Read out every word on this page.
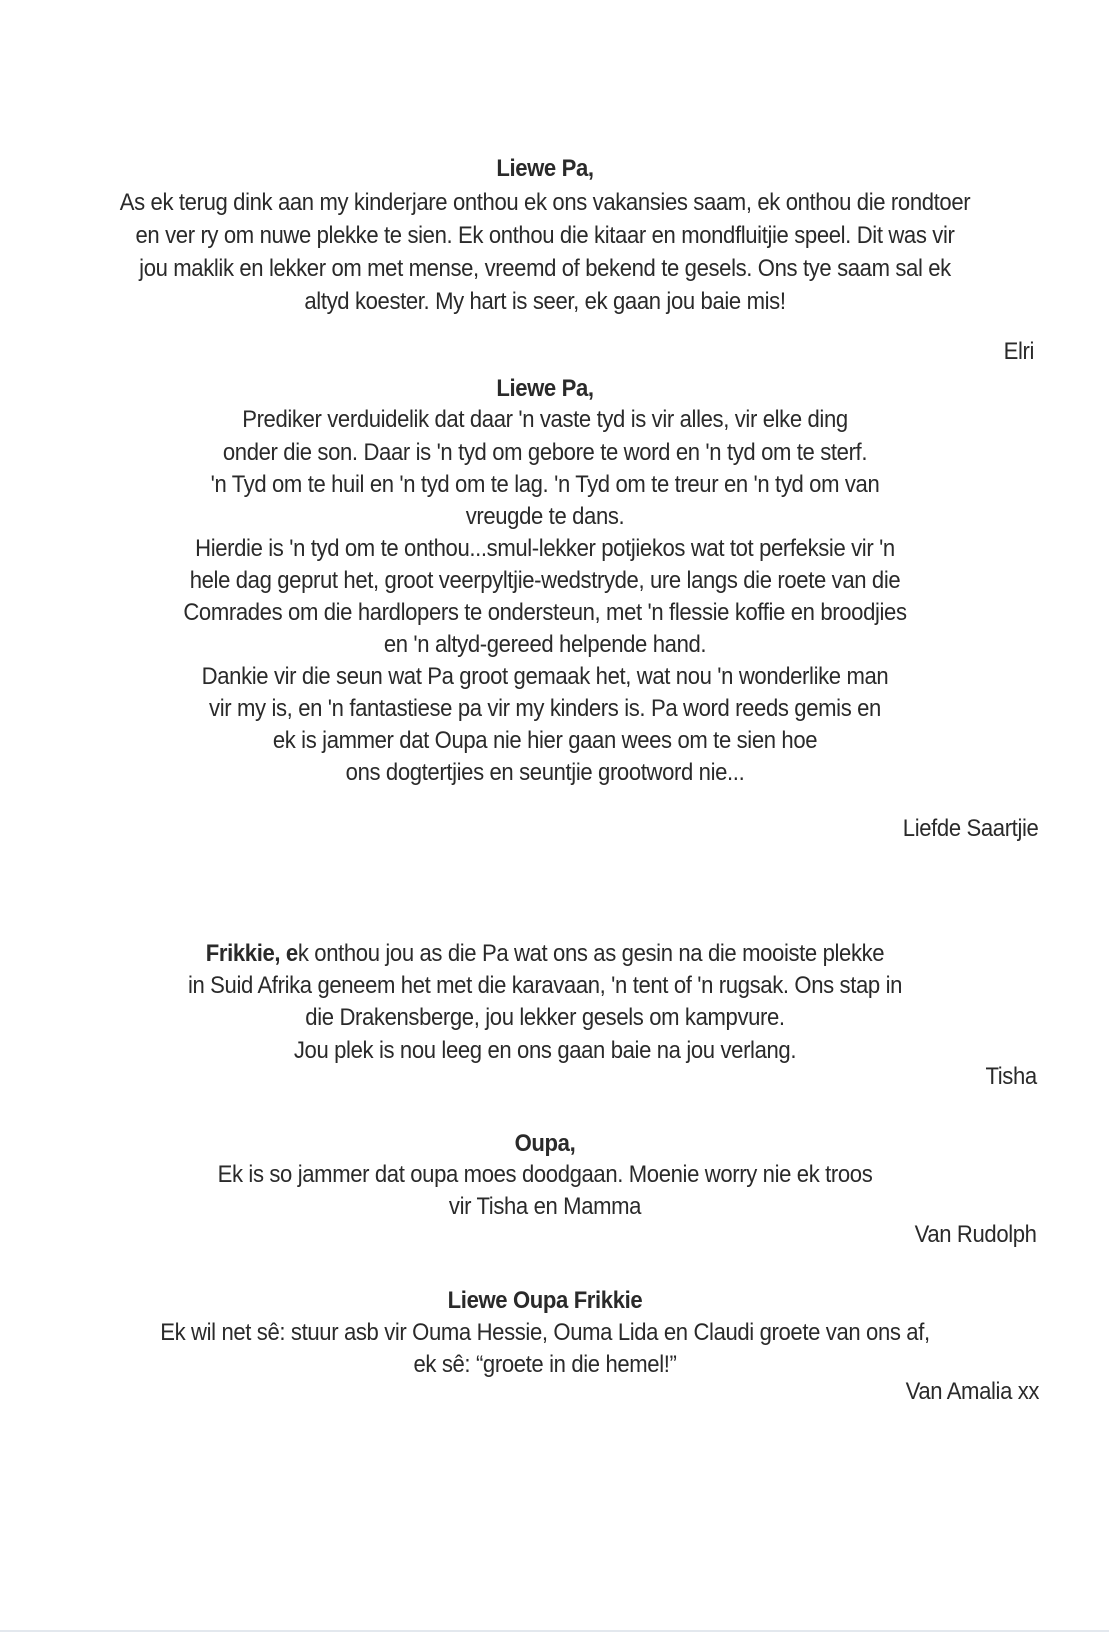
Liewe Pa,
As ek terug dink aan my kinderjare onthou ek ons vakansies saam, ek onthou die rondtoer
en ver ry om nuwe plekke te sien. Ek onthou die kitaar en mondfluitjie speel. Dit was vir
jou maklik en lekker om met mense, vreemd of bekend te gesels. Ons tye saam sal ek
altyd koester. My hart is seer, ek gaan jou baie mis!
Elri
Liewe Pa,
Prediker verduidelik dat daar 'n vaste tyd is vir alles, vir elke ding
onder die son. Daar is 'n tyd om gebore te word en 'n tyd om te sterf.
'n Tyd om te huil en 'n tyd om te lag. 'n Tyd om te treur en 'n tyd om van
vreugde te dans.
Hierdie is 'n tyd om te onthou...smul-lekker potjiekos wat tot perfeksie vir 'n
hele dag geprut het, groot veerpyltjie-wedstryde, ure langs die roete van die
Comrades om die hardlopers te ondersteun, met 'n flessie koffie en broodjies
en 'n altyd-gereed helpende hand.
Dankie vir die seun wat Pa groot gemaak het, wat nou 'n wonderlike man
vir my is, en 'n fantastiese pa vir my kinders is. Pa word reeds gemis en
ek is jammer dat Oupa nie hier gaan wees om te sien hoe
ons dogtertjies en seuntjie grootword nie...
Liefde Saartjie
Frikkie, ek onthou jou as die Pa wat ons as gesin na die mooiste plekke
in Suid Afrika geneem het met die karavaan, 'n tent of 'n rugsak. Ons stap in
die Drakensberge, jou lekker gesels om kampvure.
Jou plek is nou leeg en ons gaan baie na jou verlang.
Tisha
Oupa,
Ek is so jammer dat oupa moes doodgaan. Moenie worry nie ek troos
vir Tisha en Mamma
Van Rudolph
Liewe Oupa Frikkie
Ek wil net sê: stuur asb vir Ouma Hessie, Ouma Lida en Claudi groete van ons af,
ek sê: “groete in die hemel!”
Van Amalia xx
